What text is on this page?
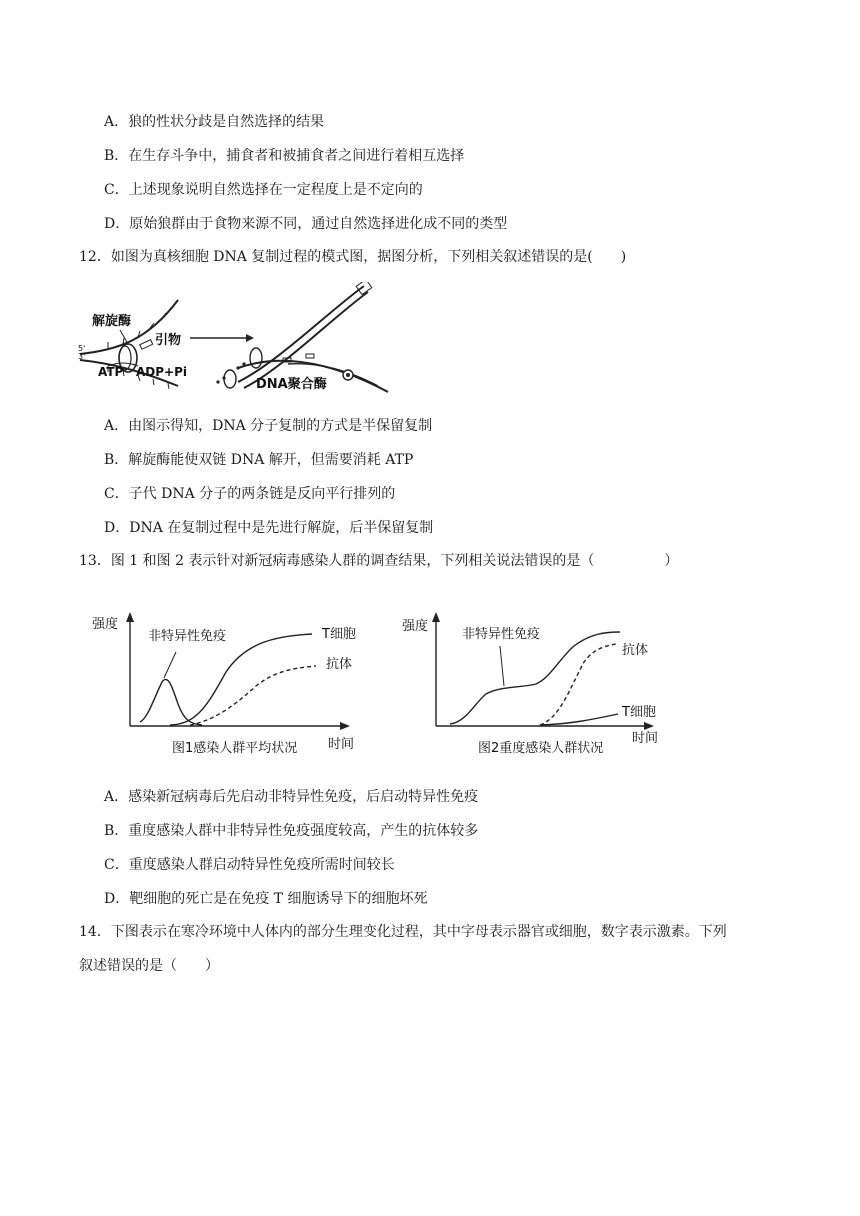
A．狼的性状分歧是自然选择的结果
B．在生存斗争中，捕食者和被捕食者之间进行着相互选择
C．上述现象说明自然选择在一定程度上是不定向的
D．原始狼群由于食物来源不同，通过自然选择进化成不同的类型
12．如图为真核细胞 DNA 复制过程的模式图，据图分析，下列相关叙述错误的是(　　)
解旋酶
引物
5'
3'
ATP ADP+Pi
DNA聚合酶
A．由图示得知，DNA 分子复制的方式是半保留复制
B．解旋酶能使双链 DNA 解开，但需要消耗 ATP
C．子代 DNA 分子的两条链是反向平行排列的
D．DNA 在复制过程中是先进行解旋，后半保留复制
13．图 1 和图 2 表示针对新冠病毒感染人群的调查结果，下列相关说法错误的是（　　　　　）
强度
时间
非特异性免疫	T细胞
抗体
图1感染人群平均状况
强度
时间
非特异性免疫
抗体
T细胞
图2重度感染人群状况
A．感染新冠病毒后先启动非特异性免疫，后启动特异性免疫
B．重度感染人群中非特异性免疫强度较高，产生的抗体较多
C．重度感染人群启动特异性免疫所需时间较长
D．靶细胞的死亡是在免疫 T 细胞诱导下的细胞坏死
14．下图表示在寒冷环境中人体内的部分生理变化过程，其中字母表示器官或细胞，数字表示激素。下列
叙述错误的是（　　）
